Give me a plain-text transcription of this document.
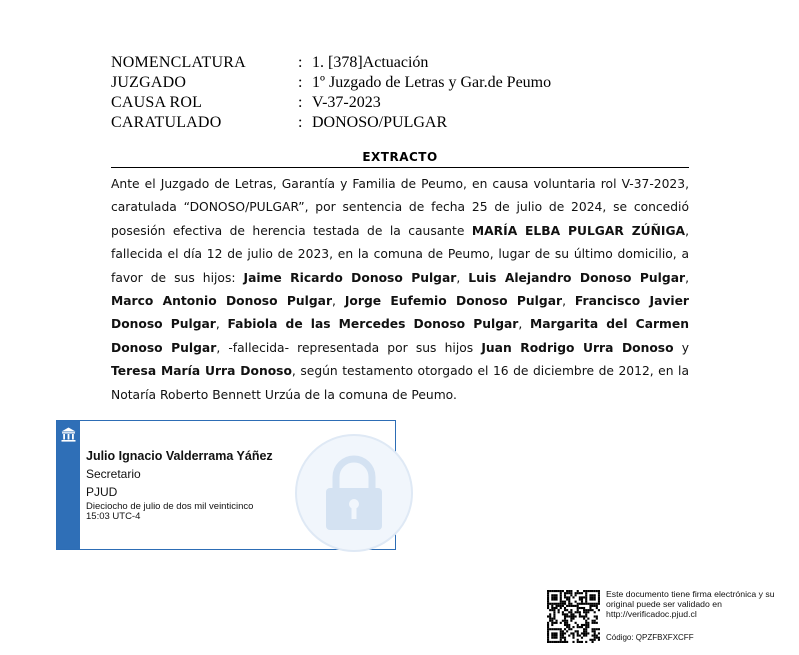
NOMENCLATURA	: 1. [378]Actuación
JUZGADO	: 1º Juzgado de Letras y Gar.de Peumo
CAUSA ROL	: V-37-2023
CARATULADO	: DONOSO/PULGAR
EXTRACTO
Ante el Juzgado de Letras, Garantía y Familia de Peumo, en causa voluntaria rol V-37-2023, caratulada “DONOSO/PULGAR”, por sentencia de fecha 25 de julio de 2024, se concedió posesión efectiva de herencia testada de la causante MARÍA ELBA PULGAR ZÚÑIGA, fallecida el día 12 de julio de 2023, en la comuna de Peumo, lugar de su último domicilio, a favor de sus hijos: Jaime Ricardo Donoso Pulgar, Luis Alejandro Donoso Pulgar, Marco Antonio Donoso Pulgar, Jorge Eufemio Donoso Pulgar, Francisco Javier Donoso Pulgar, Fabiola de las Mercedes Donoso Pulgar, Margarita del Carmen Donoso Pulgar, -fallecida- representada por sus hijos Juan Rodrigo Urra Donoso y Teresa María Urra Donoso, según testamento otorgado el 16 de diciembre de 2012, en la Notaría Roberto Bennett Urzúa de la comuna de Peumo.
Julio Ignacio Valderrama Yáñez
Secretario
PJUD
Dieciocho de julio de dos mil veinticinco
15:03 UTC-4
Este documento tiene firma electrónica y su original puede ser validado en http://verificadoc.pjud.cl
Código: QPZFBXFXCFF
